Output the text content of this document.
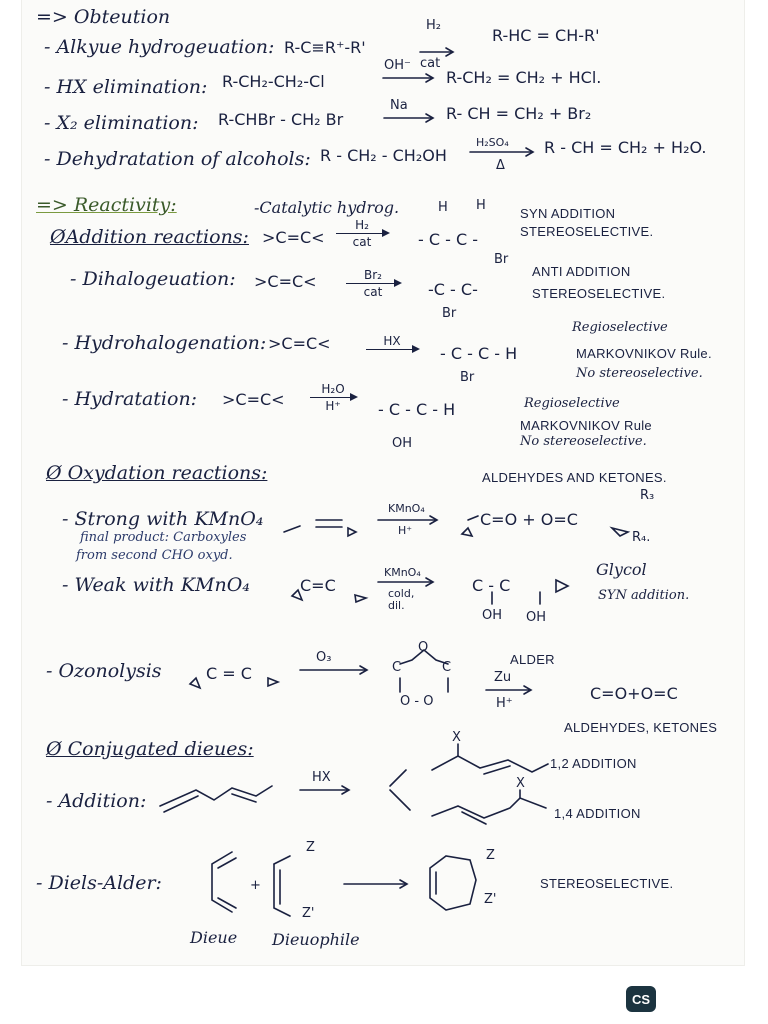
=> Obteution
- Alkyue hydrogeuation: R-C≡R⁺-R'
H₂
cat
R-HC = CH-R'
- HX elimination: R-CH₂-CH₂-Cl
OH⁻
R-CH₂ = CH₂ + HCl.
- X₂ elimination: R-CHBr - CH₂ Br
Na R- CH = CH₂ + Br₂
- Dehydratation of alcohols: R - CH₂ - CH₂OH
H₂SO₄
Δ
R - CH = CH₂ + H₂O.
=> Reactivity:	-Catalytic hydrog.	H H
SYN ADDITION
STEREOSELECTIVE.
ØAddition reactions: >C=C<
H₂
cat	- C - C -
- Dihalogeuation:
Br
>C=C<	Br₂
cat	-C - C-
Br
ANTI ADDITION
STEREOSELECTIVE.
- Hydrohalogenation: >C=C<	HX
- C - C - H
Br
Regioselective
MARKOVNIKOV Rule.
No stereoselective.
- Hydratation: >C=C<
H₂O
H⁺	- C - C - H
OH
Regioselective
MARKOVNIKOV Rule
No stereoselective.
Ø Oxydation reactions:	ALDEHYDES AND KETONES.
R₃
- Strong with KMnO₄
final product: Carboxyles
from second CHO oxyd.
KMnO₄
H⁺
C=O + O=C
R₄.
- Weak with KMnO₄	C=C
KMnO₄
cold, dil.
C - C
OH OH
Glycol
SYN addition.
- Ozonolysis	C = C
O₃
O
C	C
O - O
ALDER
Zu
H⁺
C=O+O=C
ALDEHYDES, KETONES
Ø Conjugated dieues:
X
1,2 ADDITION
- Addition:
HX	X
1,4 ADDITION
- Diels-Alder:	+
Z
Z'
Z
Z'
STEREOSELECTIVE.
Dieue Dieuophile
CS
